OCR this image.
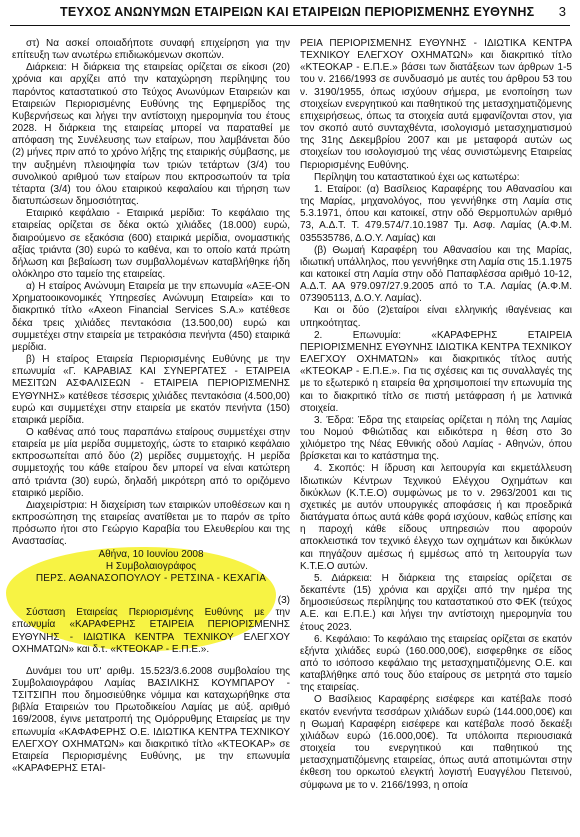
ΤΕΥΧΟΣ ΑΝΩΝΥΜΩΝ ΕΤΑΙΡΕΙΩΝ ΚΑΙ ΕΤΑΙΡΕΙΩΝ ΠΕΡΙΟΡΙΣΜΕΝΗΣ ΕΥΘΥΝΗΣ 3

στ) Να ασκεί οποιαδήποτε συναφή επιχείρηση για την επίτευξη των ανωτέρω επιδιωκόμενων σκοπών.

Διάρκεια: Η διάρκεια της εταιρείας ορίζεται σε είκοσι (20) χρόνια και αρχίζει από την καταχώρηση περίληψης του παρόντος καταστατικού στο Τεύχος Ανωνύμων Εταιρειών και Εταιρειών Περιορισμένης Ευθύνης της Εφημερίδος της Κυβερνήσεως και λήγει την αντίστοιχη ημερομηνία του έτους 2028. Η διάρκεια της εταιρείας μπορεί να παραταθεί με απόφαση της Συνέλευσης των εταίρων, που λαμβάνεται δύο (2) μήνες πριν από το χρόνο λήξης της εταιρικής σύμβασης, με την αυξημένη πλειοψηφία των τριών τετάρτων (3/4) του συνολικού αριθμού των εταίρων που εκπροσωπούν τα τρία τέταρτα (3/4) του όλου εταιρικού κεφαλαίου και τήρηση των διατυπώσεων δημοσιότητας.

Εταιρικό κεφάλαιο - Εταιρικά μερίδια: Το κεφάλαιο της εταιρείας ορίζεται σε δέκα οκτώ χιλιάδες (18.000) ευρώ, διαιρούμενο σε εξακόσια (600) εταιρικά μερίδια, ονομαστικής αξίας τριάντα (30) ευρώ το καθένα, και το οποίο κατά πρώτη δήλωση και βεβαίωση των συμβαλλομένων καταβλήθηκε ήδη ολόκληρο στο ταμείο της εταιρείας.

α) Η εταίρος Ανώνυμη Εταιρεία με την επωνυμία «ΑΞΕ-ΟΝ Χρηματοοικονομικές Υπηρεσίες Ανώνυμη Εταιρεία» και το διακριτικό τίτλο «Axeon Financial Services S.A.» κατέθεσε δέκα τρεις χιλιάδες πεντακόσια (13.500,00) ευρώ και συμμετέχει στην εταιρεία με τετρακόσια πενήντα (450) εταιρικά μερίδια.

β) Η εταίρος Εταιρεία Περιορισμένης Ευθύνης με την επωνυμία «Γ. ΚΑΡΑΒΙΑΣ ΚΑΙ ΣΥΝΕΡΓΑΤΕΣ - ΕΤΑΙΡΕΙΑ ΜΕΣΙΤΩΝ ΑΣΦΑΛΙΣΕΩΝ - ΕΤΑΙΡΕΙΑ ΠΕΡΙΟΡΙΣΜΕΝΗΣ ΕΥΘΥΝΗΣ» κατέθεσε τέσσερις χιλιάδες πεντακόσια (4.500,00) ευρώ και συμμετέχει στην εταιρεία με εκατόν πενήντα (150) εταιρικά μερίδια.

Ο καθένας από τους παραπάνω εταίρους συμμετέχει στην εταιρεία με μία μερίδα συμμετοχής, ώστε το εταιρικό κεφάλαιο εκπροσωπείται από δύο (2) μερίδες συμμετοχής. Η μερίδα συμμετοχής του κάθε εταίρου δεν μπορεί να είναι κατώτερη από τριάντα (30) ευρώ, δηλαδή μικρότερη από το οριζόμενο εταιρικό μερίδιο.

Διαχειρίστρια: Η διαχείριση των εταιρικών υποθέσεων και η εκπροσώπηση της εταιρείας ανατίθεται με το παρόν σε τρίτο πρόσωπο ήτοι στο Γεώργιο Καραβία του Ελευθερίου και της Αναστασίας.

Αθήνα, 10 Ιουνίου 2008

Η Συμβολαιογράφος

ΠΕΡΣ. ΑΘΑΝΑΣΟΠΟΥΛΟΥ - ΡΕΤΣΙΝΑ - ΚΕΧΑΓΙΑ

(3)

Σύσταση Εταιρείας Περιορισμένης Ευθύνης με την επωνυμία «ΚΑΡΑΦΕΡΗΣ ΕΤΑΙΡΕΙΑ ΠΕΡΙΟΡΙΣΜΕΝΗΣ ΕΥΘΥΝΗΣ - ΙΔΙΩΤΙΚΑ ΚΕΝΤΡΑ ΤΕΧΝΙΚΟΥ ΕΛΕΓΧΟΥ ΟΧΗΜΑΤΩΝ» και δ.τ. «ΚΤΕΟΚΑΡ - Ε.Π.Ε.».

Δυνάμει του υπ' αριθμ. 15.523/3.6.2008 συμβολαίου της Συμβολαιογράφου Λαμίας ΒΑΣΙΛΙΚΗΣ ΚΟΥΜΠΑΡΟΥ - ΤΣΙΤΣΙΠΗ που δημοσιεύθηκε νόμιμα και καταχωρήθηκε στα βιβλία Εταιρειών του Πρωτοδικείου Λαμίας με αύξ. αριθμό 169/2008, έγινε μετατροπή της Ομόρρυθμης Εταιρείας με την επωνυμία «ΚΑΦΑΦΕΡΗΣ Ο.Ε. ΙΔΙΩΤΙΚΑ ΚΕΝΤΡΑ ΤΕΧΝΙΚΟΥ ΕΛΕΓΧΟΥ ΟΧΗΜΑΤΩΝ» και διακριτικό τίτλο «ΚΤΕΟΚΑΡ» σε Εταιρεία Περιορισμένης Ευθύνης, με την επωνυμία «ΚΑΡΑΦΕΡΗΣ ΕΤΑΙ-

ΡΕΙΑ ΠΕΡΙΟΡΙΣΜΕΝΗΣ ΕΥΘΥΝΗΣ - ΙΔΙΩΤΙΚΑ ΚΕΝΤΡΑ ΤΕΧΝΙΚΟΥ ΕΛΕΓΧΟΥ ΟΧΗΜΑΤΩΝ» και διακριτικό τίτλο «ΚΤΕΟΚΑΡ - Ε.Π.Ε.» βάσει των διατάξεων των άρθρων 1-5 του ν. 2166/1993 σε συνδυασμό με αυτές του άρθρου 53 του ν. 3190/1955, όπως ισχύουν σήμερα, με ενοποίηση των στοιχείων ενεργητικού και παθητικού της μετασχηματιζόμενης επιχειρήσεως, όπως τα στοιχεία αυτά εμφανίζονται στον, για τον σκοπό αυτό συνταχθέντα, ισολογισμό μετασχηματισμού της 31ης Δεκεμβρίου 2007 και με μεταφορά αυτών ως στοιχείων του ισολογισμού της νέας συνιστώμενης Εταιρείας Περιορισμένης Ευθύνης.

Περίληψη του καταστατικού έχει ως κατωτέρω:

1. Εταίροι: (α) Βασίλειος Καραφέρης του Αθανασίου και της Μαρίας, μηχανολόγος, που γεννήθηκε στη Λαμία στις 5.3.1971, όπου και κατοικεί, στην οδό Θερμοπυλών αριθμό 73, Α.Δ.Τ. Τ. 479.574/7.10.1987 Τμ. Ασφ. Λαμίας (Α.Φ.Μ. 035535786, Δ.Ο.Υ. Λαμίας) και

(β) Θωμαή Καραφέρη του Αθανασίου και της Μαρίας, ιδιωτική υπάλληλος, που γεννήθηκε στη Λαμία στις 15.1.1975 και κατοικεί στη Λαμία στην οδό Παπαφλέσσα αριθμό 10-12, Α.Δ.Τ. ΑΑ 979.097/27.9.2005 από το Τ.Α. Λαμίας (Α.Φ.Μ. 073905113, Δ.Ο.Υ. Λαμίας).

Και οι δύο (2)εταίροι είναι ελληνικής ιθαγένειας και υπηκοότητας.

2. Επωνυμία: «ΚΑΡΑΦΕΡΗΣ ΕΤΑΙΡΕΙΑ ΠΕΡΙΟΡΙΣΜΕΝΗΣ ΕΥΘΥΝΗΣ ΙΔΙΩΤΙΚΑ ΚΕΝΤΡΑ ΤΕΧΝΙΚΟΥ ΕΛΕΓΧΟΥ ΟΧΗΜΑΤΩΝ» και διακριτικός τίτλος αυτής «ΚΤΕΟΚΑΡ - Ε.Π.Ε.». Για τις σχέσεις και τις συναλλαγές της με το εξωτερικό η εταιρεία θα χρησιμοποιεί την επωνυμία της και το διακριτικό τίτλο σε πιστή μετάφραση ή με λατινικά στοιχεία.

3. Έδρα: Έδρα της εταιρείας ορίζεται η πόλη της Λαμίας του Νομού Φθιώτιδας και ειδικότερα η θέση στο 3ο χιλιόμετρο της Νέας Εθνικής οδού Λαμίας - Αθηνών, όπου βρίσκεται και το κατάστημα της.

4. Σκοπός: Η ίδρυση και λειτουργία και εκμετάλλευση Ιδιωτικών Κέντρων Τεχνικού Ελέγχου Οχημάτων και δικύκλων (Κ.Τ.Ε.Ο) συμφώνως με το ν. 2963/2001 και τις σχετικές με αυτόν υπουργικές αποφάσεις ή και προεδρικά διατάγματα όπως αυτά κάθε φορά ισχύουν, καθώς επίσης και η παροχή κάθε είδους υπηρεσιών που αφορούν αποκλειστικά τον τεχνικό έλεγχο των οχημάτων και δικύκλων και πηγάζουν αμέσως ή εμμέσως από τη λειτουργία των Κ.Τ.Ε.Ο αυτών.

5. Διάρκεια: Η διάρκεια της εταιρείας ορίζεται σε δεκαπέντε (15) χρόνια και αρχίζει από την ημέρα της δημοσιεύσεως περίληψης του καταστατικού στο ΦΕΚ (τεύχος Α.Ε. και Ε.Π.Ε.) και λήγει την αντίστοιχη ημερομηνία του έτους 2023.

6. Κεφάλαιο: Το κεφάλαιο της εταιρείας ορίζεται σε εκατόν εξήντα χιλιάδες ευρώ (160.000,00€), εισφερθηκε σε είδος από το ισόποσο κεφάλαιο της μετασχηματιζόμενης Ο.Ε. και καταβλήθηκε από τους δύο εταίρους σε μετρητά στο ταμείο της εταιρείας.

Ο Βασίλειος Καραφέρης εισέφερε και κατέβαλε ποσό εκατόν ενενήντα τεσσάρων χιλιάδων ευρώ (144.000,00€) και η Θωμαή Καραφέρη εισέφερε και κατέβαλε ποσό δεκαέξι χιλιάδων ευρώ (16.000,00€). Τα υπόλοιπα περιουσιακά στοιχεία του ενεργητικού και παθητικού της μετασχηματιζόμενης εταιρείας, όπως αυτά αποτιμώνται στην έκθεση του ορκωτού ελεγκτή λογιστή Ευαγγέλου Πετεινού, σύμφωνα με το ν. 2166/1993, η οποία
